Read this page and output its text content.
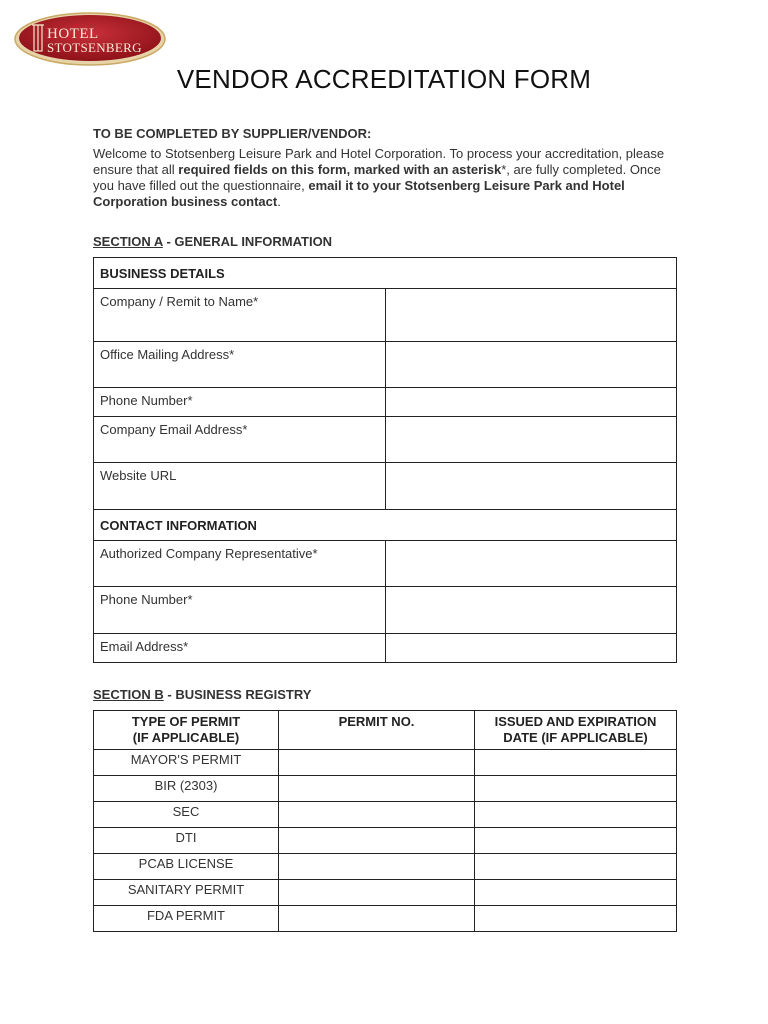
HOTEL
STOTSENBERG
VENDOR ACCREDITATION FORM
TO BE COMPLETED BY SUPPLIER/VENDOR:
Welcome to Stotsenberg Leisure Park and Hotel Corporation. To process your accreditation, please ensure that all required fields on this form, marked with an asterisk*, are fully completed. Once you have filled out the questionnaire, email it to your Stotsenberg Leisure Park and Hotel Corporation business contact.
SECTION A - GENERAL INFORMATION
BUSINESS DETAILS	
Company / Remit to Name*	
Office Mailing Address*	
Phone Number*	
Company Email Address*	
Website URL	
CONTACT INFORMATION	
Authorized Company Representative*	
Phone Number*	
Email Address*	
SECTION B - BUSINESS REGISTRY
TYPE OF PERMIT
(IF APPLICABLE)	PERMIT NO.	ISSUED AND EXPIRATION
DATE (IF APPLICABLE)
MAYOR'S PERMIT		
BIR (2303)		
SEC		
DTI		
PCAB LICENSE		
SANITARY PERMIT		
FDA PERMIT		
